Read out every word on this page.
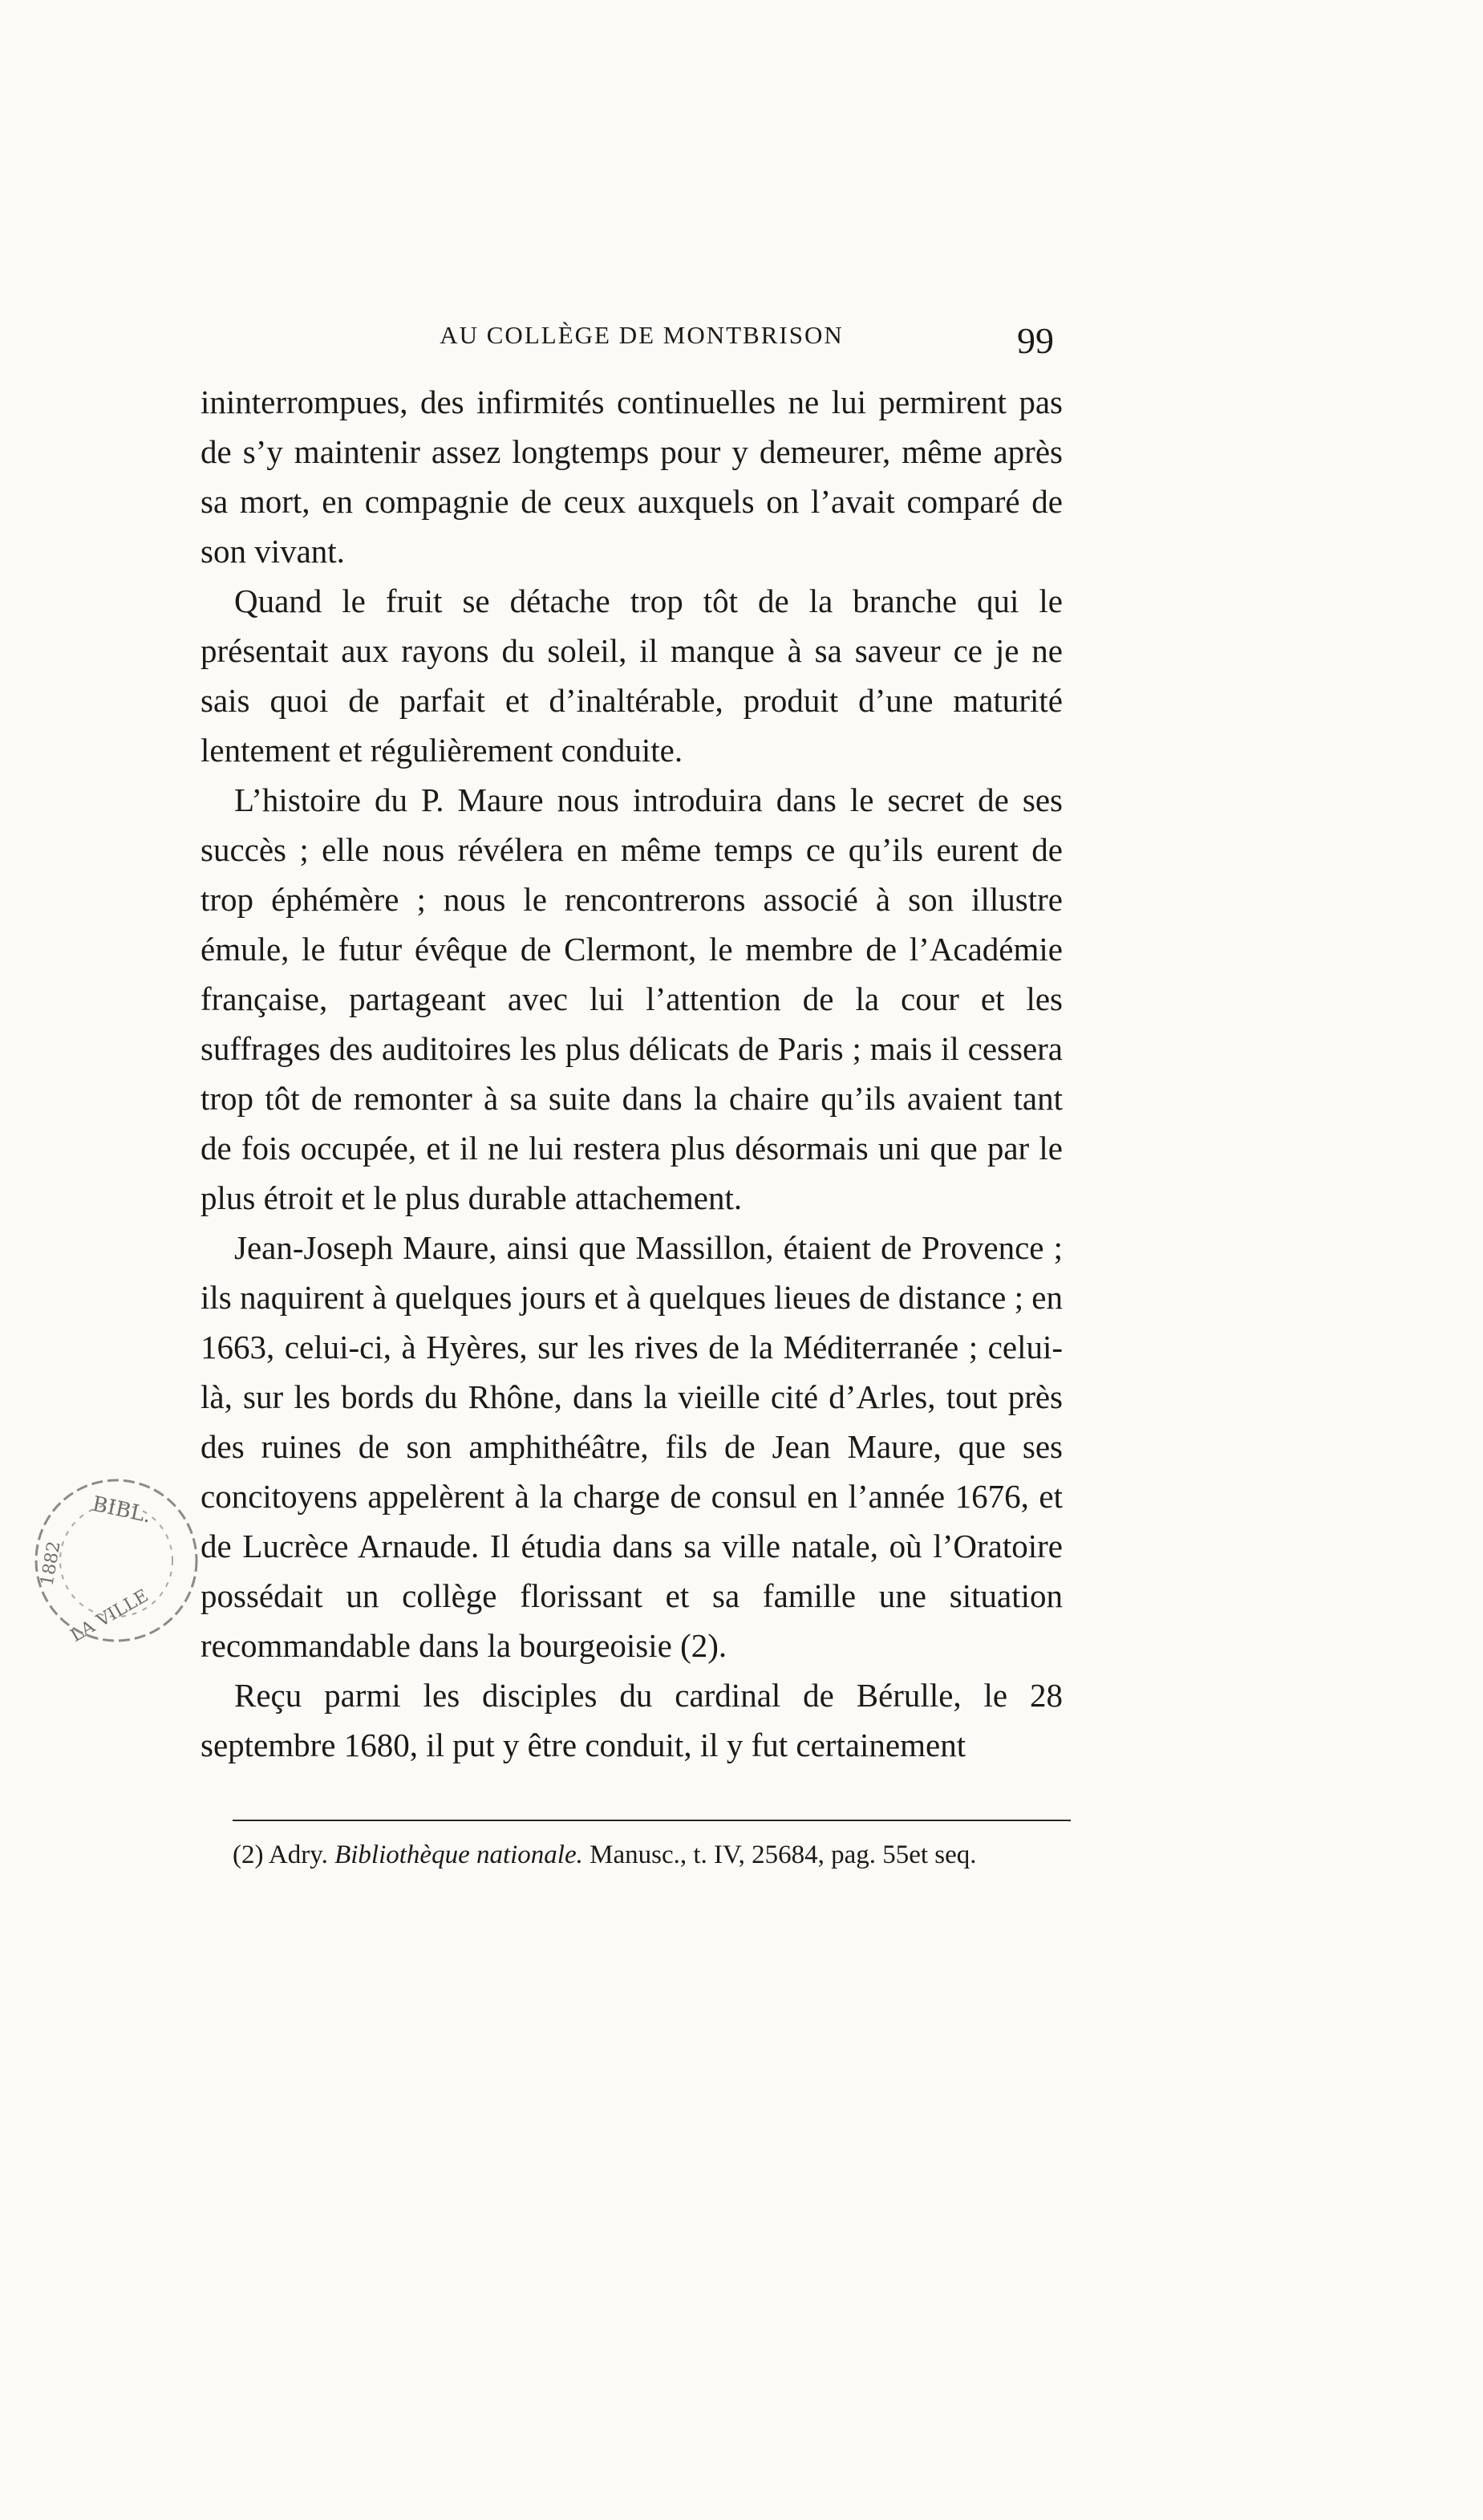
AU COLLÈGE DE MONTBRISON	99

ininterrompues, des infirmités continuelles ne lui permirent pas de s’y maintenir assez longtemps pour y demeurer, même après sa mort, en compagnie de ceux auxquels on l’avait comparé de son vivant.

Quand le fruit se détache trop tôt de la branche qui le présentait aux rayons du soleil, il manque à sa saveur ce je ne sais quoi de parfait et d’inaltérable, produit d’une maturité lentement et régulièrement conduite.

L’histoire du P. Maure nous introduira dans le secret de ses succès ; elle nous révélera en même temps ce qu’ils eurent de trop éphémère ; nous le rencontrerons associé à son illustre émule, le futur évêque de Clermont, le membre de l’Académie française, partageant avec lui l’attention de la cour et les suffrages des auditoires les plus délicats de Paris ; mais il cessera trop tôt de remonter à sa suite dans la chaire qu’ils avaient tant de fois occupée, et il ne lui restera plus désormais uni que par le plus étroit et le plus durable attachement.

Jean-Joseph Maure, ainsi que Massillon, étaient de Provence ; ils naquirent à quelques jours et à quelques lieues de distance ; en 1663, celui-ci, à Hyères, sur les rives de la Méditerranée ; celui-là, sur les bords du Rhône, dans la vieille cité d’Arles, tout près des ruines de son amphithéâtre, fils de Jean Maure, que ses concitoyens appelèrent à la charge de consul en l’année 1676, et de Lucrèce Arnaude. Il étudia dans sa ville natale, où l’Oratoire possédait un collège florissant et sa famille une situation recommandable dans la bourgeoisie (2).

Reçu parmi les disciples du cardinal de Bérulle, le 28 septembre 1680, il put y être conduit, il y fut certainement

(2) Adry. Bibliothèque nationale. Manusc., t. IV, 25684, pag. 55et seq.
BIBL.
1882
LA VILLE
